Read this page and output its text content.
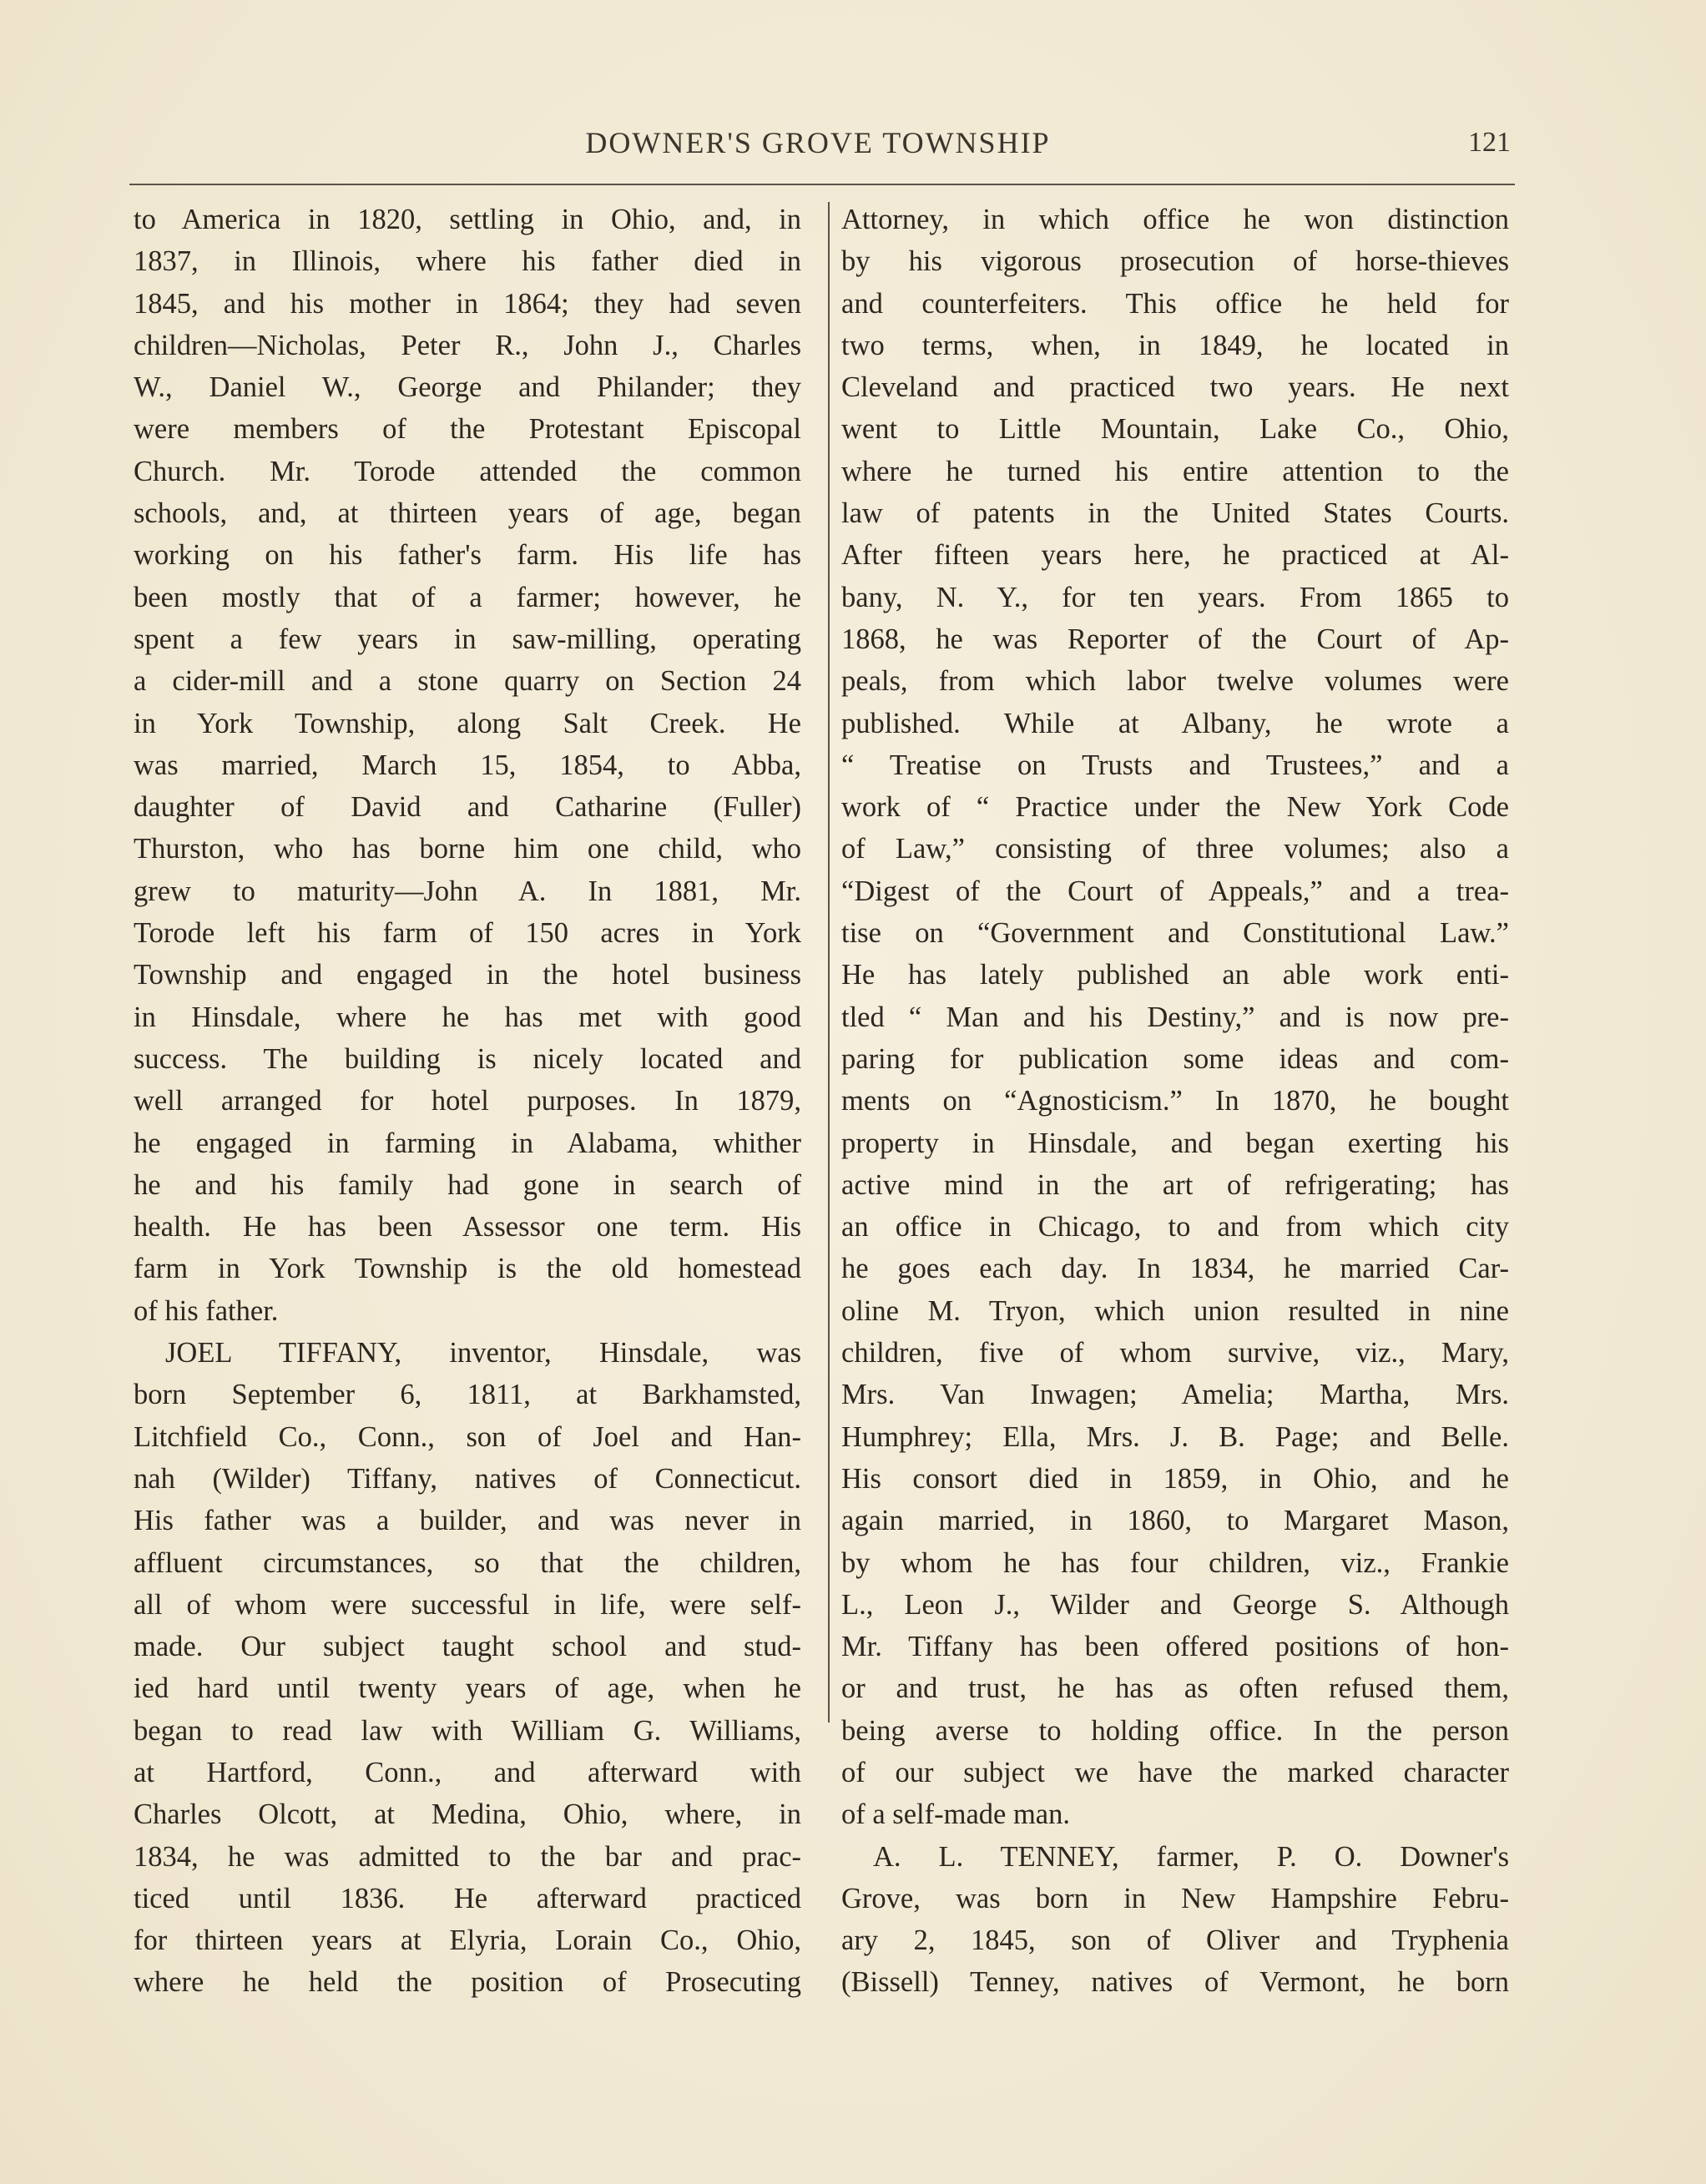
DOWNER'S GROVE TOWNSHIP	121
to America in 1820, settling in Ohio, and, in
1837, in Illinois, where his father died in
1845, and his mother in 1864; they had seven
children—Nicholas, Peter R., John J., Charles
W., Daniel W., George and Philander; they
were members of the Protestant Episcopal
Church. Mr. Torode attended the common
schools, and, at thirteen years of age, began
working on his father's farm. His life has
been mostly that of a farmer; however, he
spent a few years in saw-milling, operating
a cider-mill and a stone quarry on Section 24
in York Township, along Salt Creek. He
was married, March 15, 1854, to Abba,
daughter of David and Catharine (Fuller)
Thurston, who has borne him one child, who
grew to maturity—John A. In 1881, Mr.
Torode left his farm of 150 acres in York
Township and engaged in the hotel business
in Hinsdale, where he has met with good
success. The building is nicely located and
well arranged for hotel purposes. In 1879,
he engaged in farming in Alabama, whither
he and his family had gone in search of
health. He has been Assessor one term. His
farm in York Township is the old homestead
of his father.
JOEL TIFFANY, inventor, Hinsdale, was
born September 6, 1811, at Barkhamsted,
Litchfield Co., Conn., son of Joel and Han-
nah (Wilder) Tiffany, natives of Connecticut.
His father was a builder, and was never in
affluent circumstances, so that the children,
all of whom were successful in life, were self-
made. Our subject taught school and stud-
ied hard until twenty years of age, when he
began to read law with William G. Williams,
at Hartford, Conn., and afterward with
Charles Olcott, at Medina, Ohio, where, in
1834, he was admitted to the bar and prac-
ticed until 1836. He afterward practiced
for thirteen years at Elyria, Lorain Co., Ohio,
where he held the position of Prosecuting
Attorney, in which office he won distinction
by his vigorous prosecution of horse-thieves
and counterfeiters. This office he held for
two terms, when, in 1849, he located in
Cleveland and practiced two years. He next
went to Little Mountain, Lake Co., Ohio,
where he turned his entire attention to the
law of patents in the United States Courts.
After fifteen years here, he practiced at Al-
bany, N. Y., for ten years. From 1865 to
1868, he was Reporter of the Court of Ap-
peals, from which labor twelve volumes were
published. While at Albany, he wrote a
“ Treatise on Trusts and Trustees,” and a
work of “ Practice under the New York Code
of Law,” consisting of three volumes; also a
“Digest of the Court of Appeals,” and a trea-
tise on “Government and Constitutional Law.”
He has lately published an able work enti-
tled “ Man and his Destiny,” and is now pre-
paring for publication some ideas and com-
ments on “Agnosticism.” In 1870, he bought
property in Hinsdale, and began exerting his
active mind in the art of refrigerating; has
an office in Chicago, to and from which city
he goes each day. In 1834, he married Car-
oline M. Tryon, which union resulted in nine
children, five of whom survive, viz., Mary,
Mrs. Van Inwagen; Amelia; Martha, Mrs.
Humphrey; Ella, Mrs. J. B. Page; and Belle.
His consort died in 1859, in Ohio, and he
again married, in 1860, to Margaret Mason,
by whom he has four children, viz., Frankie
L., Leon J., Wilder and George S. Although
Mr. Tiffany has been offered positions of hon-
or and trust, he has as often refused them,
being averse to holding office. In the person
of our subject we have the marked character
of a self-made man.
A. L. TENNEY, farmer, P. O. Downer's
Grove, was born in New Hampshire Febru-
ary 2, 1845, son of Oliver and Tryphenia
(Bissell) Tenney, natives of Vermont, he born
